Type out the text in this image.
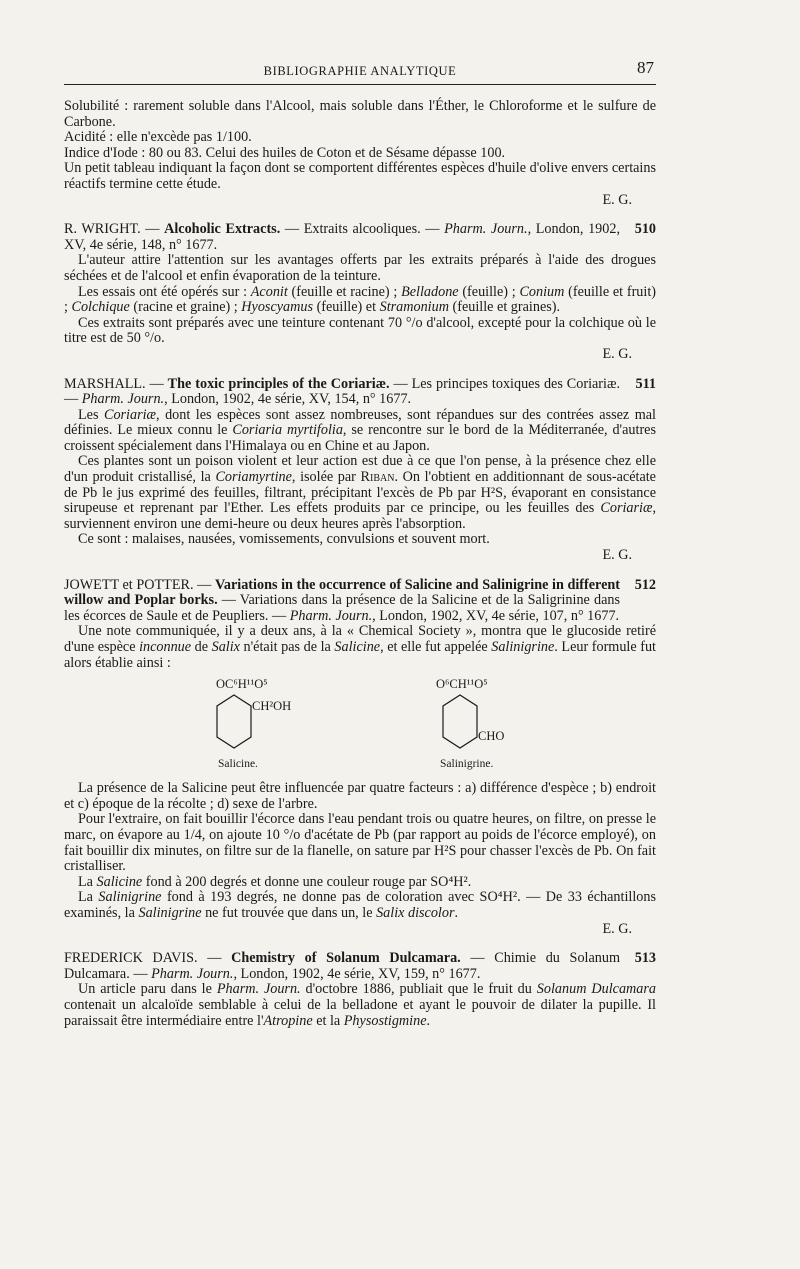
BIBLIOGRAPHIE ANALYTIQUE	87

Solubilité : rarement soluble dans l'Alcool, mais soluble dans l'Éther, le Chloroforme et le sulfure de Carbone.

Acidité : elle n'excède pas 1/100.

Indice d'Iode : 80 ou 83. Celui des huiles de Coton et de Sésame dépasse 100.

Un petit tableau indiquant la façon dont se comportent différentes espèces d'huile d'olive envers certains réactifs termine cette étude.

E. G.

R. WRIGHT. — Alcoholic Extracts. — Extraits alcooliques. — Pharm. Journ., London, 1902, XV, 4e série, 148, n° 1677.

510

L'auteur attire l'attention sur les avantages offerts par les extraits préparés à l'aide des drogues séchées et de l'alcool et enfin évaporation de la teinture.

Les essais ont été opérés sur : Aconit (feuille et racine) ; Belladone (feuille) ; Conium (feuille et fruit) ; Colchique (racine et graine) ; Hyoscyamus (feuille) et Stramonium (feuille et graines).

Ces extraits sont préparés avec une teinture contenant 70 °/o d'alcool, excepté pour la colchique où le titre est de 50 °/o.

E. G.

MARSHALL. — The toxic principles of the Coriariæ. — Les principes toxiques des Coriariæ. — Pharm. Journ., London, 1902, 4e série, XV, 154, n° 1677.

511

Les Coriariæ, dont les espèces sont assez nombreuses, sont répandues sur des contrées assez mal définies. Le mieux connu le Coriaria myrtifolia, se rencontre sur le bord de la Méditerranée, d'autres croissent spécialement dans l'Himalaya ou en Chine et au Japon.

Ces plantes sont un poison violent et leur action est due à ce que l'on pense, à la présence chez elle d'un produit cristallisé, la Coriamyrtine, isolée par Riban. On l'obtient en additionnant de sous-acétate de Pb le jus exprimé des feuilles, filtrant, précipitant l'excès de Pb par H²S, évaporant en consistance sirupeuse et reprenant par l'Ether. Les effets produits par ce principe, ou les feuilles des Coriariæ, surviennent environ une demi-heure ou deux heures après l'absorption.

Ce sont : malaises, nausées, vomissements, convulsions et souvent mort.

E. G.

JOWETT et POTTER. — Variations in the occurrence of Salicine and Salinigrine in different willow and Poplar borks. — Variations dans la présence de la Salicine et de la Saligrinine dans les écorces de Saule et de Peupliers. — Pharm. Journ., London, 1902, XV, 4e série, 107, n° 1677.

512

Une note communiquée, il y a deux ans, à la « Chemical Society », montra que le glucoside retiré d'une espèce inconnue de Salix n'était pas de la Salicine, et elle fut appelée Salinigrine. Leur formule fut alors établie ainsi :

OC⁶H¹¹O⁵
CH²OH
Salicine.
O⁶CH¹¹O⁵
CHO
Salinigrine.

La présence de la Salicine peut être influencée par quatre facteurs : a) différence d'espèce ; b) endroit et c) époque de la récolte ; d) sexe de l'arbre.

Pour l'extraire, on fait bouillir l'écorce dans l'eau pendant trois ou quatre heures, on filtre, on presse le marc, on évapore au 1/4, on ajoute 10 °/o d'acétate de Pb (par rapport au poids de l'écorce employé), on fait bouillir dix minutes, on filtre sur de la flanelle, on sature par H²S pour chasser l'excès de Pb. On fait cristalliser.

La Salicine fond à 200 degrés et donne une couleur rouge par SO⁴H².

La Salinigrine fond à 193 degrés, ne donne pas de coloration avec SO⁴H². — De 33 échantillons examinés, la Salinigrine ne fut trouvée que dans un, le Salix discolor.

E. G.

FREDERICK DAVIS. — Chemistry of Solanum Dulcamara. — Chimie du Solanum Dulcamara. — Pharm. Journ., London, 1902, 4e série, XV, 159, n° 1677.

513

Un article paru dans le Pharm. Journ. d'octobre 1886, publiait que le fruit du Solanum Dulcamara contenait un alcaloïde semblable à celui de la belladone et ayant le pouvoir de dilater la pupille. Il paraissait être intermédiaire entre l'Atropine et la Physostigmine.
